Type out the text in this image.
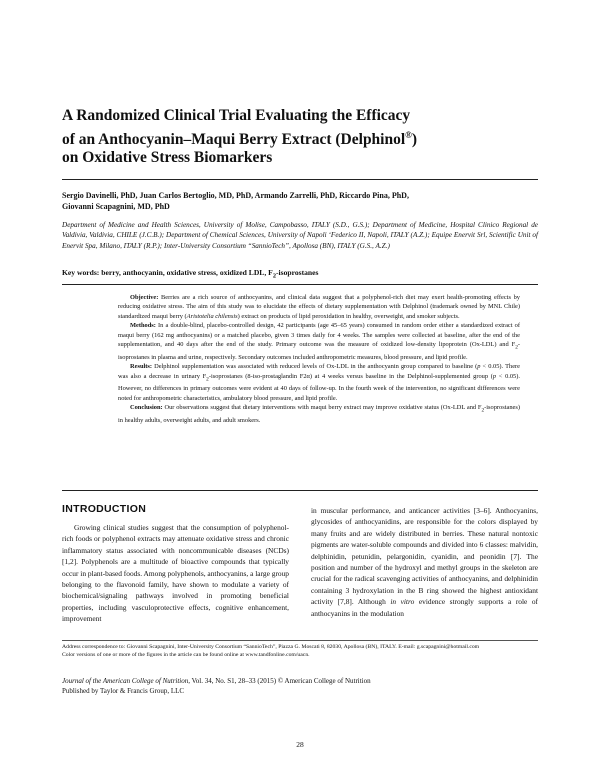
A Randomized Clinical Trial Evaluating the Efficacy
of an Anthocyanin–Maqui Berry Extract (Delphinol®)
on Oxidative Stress Biomarkers
Sergio Davinelli, PhD, Juan Carlos Bertoglio, MD, PhD, Armando Zarrelli, PhD, Riccardo Pina, PhD,
Giovanni Scapagnini, MD, PhD
Department of Medicine and Health Sciences, University of Molise, Campobasso, ITALY (S.D., G.S.); Department of Medicine, Hospital Clinico Regional de Valdivia, Valdivia, CHILE (J.C.B.); Department of Chemical Sciences, University of Napoli ‘Federico II, Napoli, ITALY (A.Z.); Equipe Enervit Srl, Scientific Unit of Enervit Spa, Milano, ITALY (R.P.); Inter-University Consortium “SannioTech”, Apollosa (BN), ITALY (G.S., A.Z.)
Key words: berry, anthocyanin, oxidative stress, oxidized LDL, $F_2$-isoprostanes

Objective: Berries are a rich source of anthocyanins, and clinical data suggest that a polyphenol-rich diet may exert health-promoting effects by reducing oxidative stress. The aim of this study was to elucidate the effects of dietary supplementation with Delphinol (trademark owned by MNL Chile) standardized maqui berry (Aristotelia chilensis) extract on products of lipid peroxidation in healthy, overweight, and smoker subjects.

Methods: In a double-blind, placebo-controlled design, 42 participants (age 45–65 years) consumed in random order either a standardized extract of maqui berry (162 mg anthocyanins) or a matched placebo, given 3 times daily for 4 weeks. The samples were collected at baseline, after the end of the supplementation, and 40 days after the end of the study. Primary outcome was the measure of oxidized low-density lipoprotein (Ox-LDL) and $F_2$-isoprostanes in plasma and urine, respectively. Secondary outcomes included anthropometric measures, blood pressure, and lipid profile.

Results: Delphinol supplementation was associated with reduced levels of Ox-LDL in the anthocyanin group compared to baseline (p < 0.05). There was also a decrease in urinary $F_2$-isoprostanes (8-iso-prostaglandin F2α) at 4 weeks versus baseline in the Delphinol-supplemented group (p < 0.05). However, no differences in primary outcomes were evident at 40 days of follow-up. In the fourth week of the intervention, no significant differences were noted for anthropometric characteristics, ambulatory blood pressure, and lipid profile.

Conclusion: Our observations suggest that dietary interventions with maqui berry extract may improve oxidative status (Ox-LDL and $F_2-isoprostanes$) in healthy adults, overweight adults, and adult smokers.

INTRODUCTION

Growing clinical studies suggest that the consumption of polyphenol-rich foods or polyphenol extracts may attenuate oxidative stress and chronic inflammatory status associated with noncommunicable diseases (NCDs) [1,2]. Polyphenols are a multitude of bioactive compounds that typically occur in plant-based foods. Among polyphenols, anthocyanins, a large group belonging to the flavonoid family, have shown to modulate a variety of biochemical/signaling pathways involved in promoting beneficial properties, including vasculoprotective effects, cognitive enhancement, improvement

in muscular performance, and anticancer activities [3–6]. Anthocyanins, glycosides of anthocyanidins, are responsible for the colors displayed by many fruits and are widely distributed in berries. These natural nontoxic pigments are water-soluble compounds and divided into 6 classes: malvidin, delphinidin, petunidin, pelargonidin, cyanidin, and peonidin [7]. The position and number of the hydroxyl and methyl groups in the skeleton are crucial for the radical scavenging activities of anthocyanins, and delphinidin containing 3 hydroxylation in the B ring showed the highest antioxidant activity [7,8]. Although in vitro evidence strongly supports a role of anthocyanins in the modulation
Address correspondence to: Giovanni Scapagnini, Inter-University Consortium “SannioTech”, Piazza G. Moscati 8, 82030, Apollosa (BN), ITALY. E-mail: g.scapagnini@hotmail.com
Color versions of one or more of the figures in the article can be found online at www.tandfonline.com/uacn.
Journal of the American College of Nutrition, Vol. 34, No. S1, 28–33 (2015) © American College of Nutrition
Published by Taylor & Francis Group, LLC
28
